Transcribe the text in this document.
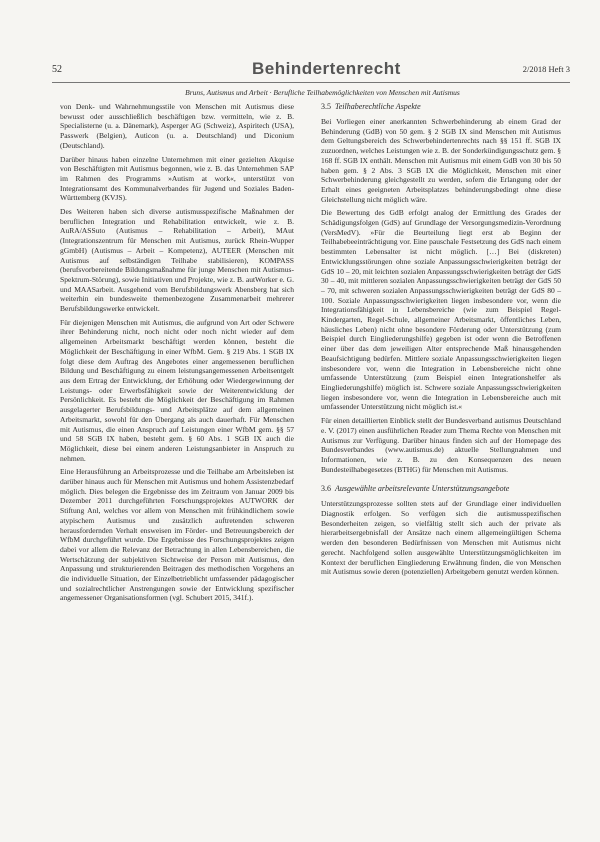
52	Behindertenrecht	2/2018 Heft 3
Bruns, Autismus und Arbeit · Berufliche Teilhabemöglichkeiten von Menschen mit Autismus

von Denk- und Wahrnehmungsstile von Menschen mit Autismus diese bewusst oder ausschließlich beschäftigen bzw. vermitteln, wie z. B. Specialisterne (u. a. Dänemark), Asperger AG (Schweiz), Aspiritech (USA), Passwerk (Belgien), Auticon (u. a. Deutschland) und Diconium (Deutschland).

Darüber hinaus haben einzelne Unternehmen mit einer gezielten Akquise von Beschäftigten mit Autismus begonnen, wie z. B. das Unternehmen SAP im Rahmen des Programms »Autism at work«, unterstützt von Integrationsamt des Kommunalverbandes für Jugend und Soziales Baden-Württemberg (KVJS).

Des Weiteren haben sich diverse autismusspezifische Maßnahmen der beruflichen Integration und Rehabilitation entwickelt, wie z. B. AuRA/ASSuto (Autismus – Rehabilitation – Arbeit), MAut (Integrationszentrum für Menschen mit Autismus, zurück Rhein-Wupper gGmbH) (Autismus – Arbeit – Kompetenz), AUTEER (Menschen mit Autismus auf selbständigen Teilhabe stabilisieren), KOMPASS (berufsvorbereitende Bildungsmaßnahme für junge Menschen mit Autismus-Spektrum-Störung), sowie Initiativen und Projekte, wie z. B. autWorker e. G. und MAASarbeit. Ausgehend vom Berufsbildungswerk Abensberg hat sich weiterhin ein bundesweite themenbezogene Zusammenarbeit mehrerer Berufsbildungswerke entwickelt.

Für diejenigen Menschen mit Autismus, die aufgrund von Art oder Schwere ihrer Behinderung nicht, noch nicht oder noch nicht wieder auf dem allgemeinen Arbeitsmarkt beschäftigt werden können, besteht die Möglichkeit der Beschäftigung in einer WfbM. Gem. § 219 Abs. 1 SGB IX folgt diese dem Auftrag des Angebotes einer angemessenen beruflichen Bildung und Beschäftigung zu einem leistungsangemessenen Arbeitsentgelt aus dem Ertrag der Entwicklung, der Erhöhung oder Wiedergewinnung der Leistungs- oder Erwerbsfähigkeit sowie der Weiterentwicklung der Persönlichkeit. Es besteht die Möglichkeit der Beschäftigung im Rahmen ausgelagerter Berufsbildungs- und Arbeitsplätze auf dem allgemeinen Arbeitsmarkt, sowohl für den Übergang als auch dauerhaft. Für Menschen mit Autismus, die einen Anspruch auf Leistungen einer WfbM gem. §§ 57 und 58 SGB IX haben, besteht gem. § 60 Abs. 1 SGB IX auch die Möglichkeit, diese bei einem anderen Leistungsanbieter in Anspruch zu nehmen.

Eine Herausführung an Arbeitsprozesse und die Teilhabe am Arbeitsleben ist darüber hinaus auch für Menschen mit Autismus und hohem Assistenzbedarf möglich. Dies belegen die Ergebnisse des im Zeitraum von Januar 2009 bis Dezember 2011 durchgeführten Forschungsprojektes AUTWORK der Stiftung Anl, welches vor allem von Menschen mit frühkindlichem sowie atypischem Autismus und zusätzlich auftretenden schweren herausfordernden Verhalt ensweisen im Förder- und Betreuungsbereich der WfbM durchgeführt wurde. Die Ergebnisse des Forschungsprojektes zeigen dabei vor allem die Relevanz der Betrachtung in allen Lebensbereichen, die Wertschätzung der subjektiven Sichtweise der Person mit Autismus, den Anpassung und strukturierenden Beitragen des methodischen Vorgehens an die individuelle Situation, der Einzelbetrieblicht umfassender pädagogischer und sozialrechtlicher Anstrengungen sowie der Entwicklung spezifischer angemessener Organisationsformen (vgl. Schubert 2015, 341f.).

3.5 Teilhaberechtliche Aspekte

Bei Vorliegen einer anerkannten Schwerbehinderung ab einem Grad der Behinderung (GdB) von 50 gem. § 2 SGB IX sind Menschen mit Autismus dem Geltungsbereich des Schwerbehindertenrechts nach §§ 151 ff. SGB IX zuzuordnen, welches Leistungen wie z. B. der Sonderkündigungsschutz gem. § 168 ff. SGB IX enthält. Menschen mit Autismus mit einem GdB von 30 bis 50 haben gem. § 2 Abs. 3 SGB IX die Möglichkeit, Menschen mit einer Schwerbehinderung gleichgestellt zu werden, sofern die Erlangung oder der Erhalt eines geeigneten Arbeitsplatzes behinderungsbedingt ohne diese Gleichstellung nicht möglich wäre.

Die Bewertung des GdB erfolgt analog der Ermittlung des Grades der Schädigungsfolgen (GdS) auf Grundlage der Versorgungsmedizin-Verordnung (VersMedV). »Für die Beurteilung liegt erst ab Beginn der Teilhabebeeinträchtigung vor. Eine pauschale Festsetzung des GdS nach einem bestimmten Lebensalter ist nicht möglich. […] Bei (diskreten) Entwicklungsstörungen ohne soziale Anpassungsschwierigkeiten beträgt der GdS 10 – 20, mit leichten sozialen Anpassungsschwierigkeiten beträgt der GdS 30 – 40, mit mittleren sozialen Anpassungsschwierigkeiten beträgt der GdS 50 – 70, mit schweren sozialen Anpassungsschwierigkeiten beträgt der GdS 80 – 100. Soziale Anpassungsschwierigkeiten liegen insbesondere vor, wenn die Integrationsfähigkeit in Lebensbereiche (wie zum Beispiel Regel-Kindergarten, Regel-Schule, allgemeiner Arbeitsmarkt, öffentliches Leben, häusliches Leben) nicht ohne besondere Förderung oder Unterstützung (zum Beispiel durch Eingliederungshilfe) gegeben ist oder wenn die Betroffenen einer über das dem jeweiligen Alter entsprechende Maß hinausgehenden Beaufsichtigung bedürfen. Mittlere soziale Anpassungsschwierigkeiten liegen insbesondere vor, wenn die Integration in Lebensbereiche nicht ohne umfassende Unterstützung (zum Beispiel einen Integrationshelfer als Eingliederungshilfe) möglich ist. Schwere soziale Anpassungsschwierigkeiten liegen insbesondere vor, wenn die Integration in Lebensbereiche auch mit umfassender Unterstützung nicht möglich ist.«

Für einen detaillierten Einblick stellt der Bundesverband autismus Deutschland e. V. (2017) einen ausführlichen Reader zum Thema Rechte von Menschen mit Autismus zur Verfügung. Darüber hinaus finden sich auf der Homepage des Bundesverbandes (www.autismus.de) aktuelle Stellungnahmen und Informationen, wie z. B. zu den Konsequenzen des neuen Bundesteilhabegesetzes (BTHG) für Menschen mit Autismus.

3.6 Ausgewählte arbeitsrelevante Unterstützungsangebote

Unterstützungsprozesse sollten stets auf der Grundlage einer individuellen Diagnostik erfolgen. So verfügen sich die autismusspezifischen Besonderheiten zeigen, so vielfältig stellt sich auch der private als hierarbeitsergebnisfall der Ansätze nach einem allgemeingültigen Schema werden den besonderen Bedürfnissen von Menschen mit Autismus nicht gerecht. Nachfolgend sollen ausgewählte Unterstützungsmöglichkeiten im Kontext der beruflichen Eingliederung Erwähnung finden, die von Menschen mit Autismus sowie deren (potenziellen) Arbeitgebern genutzt werden können.
